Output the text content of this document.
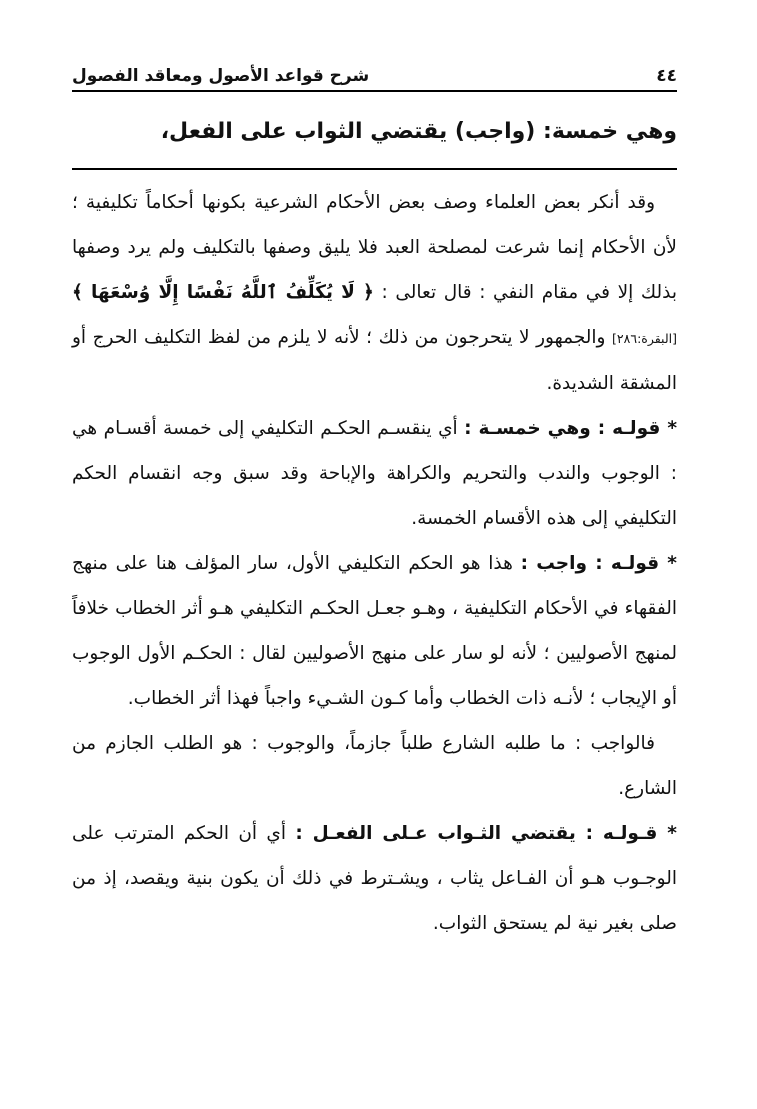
٤٤
شرح قواعد الأصول ومعاقد الفصول
وهي خمسة: (واجب) يقتضي الثواب على الفعل،

وقد أنكر بعض العلماء وصف بعض الأحكام الشرعية بكونها أحكاماً تكليفية ؛ لأن الأحكام إنما شرعت لمصلحة العبد فلا يليق وصفها بالتكليف ولم يرد وصفها بذلك إلا في مقام النفي : قال تعالى : ﴿ لَا يُكَلِّفُ ٱللَّهُ نَفْسًا إِلَّا وُسْعَهَا ﴾ [البقرة:٢٨٦] والجمهور لا يتحرجون من ذلك ؛ لأنه لا يلزم من لفظ التكليف الحرج أو المشقة الشديدة.

* قولـه : وهي خمسـة : أي ينقسـم الحكـم التكليفي إلى خمسة أقسـام هي : الوجوب والندب والتحريم والكراهة والإباحة وقد سبق وجه انقسام الحكم التكليفي إلى هذه الأقسام الخمسة.

* قولـه : واجب : هذا هو الحكم التكليفي الأول، سار المؤلف هنا على منهج الفقهاء في الأحكام التكليفية ، وهـو جعـل الحكـم التكليفي هـو أثر الخطاب خلافاً لمنهج الأصوليين ؛ لأنه لو سار على منهج الأصوليين لقال : الحكـم الأول الوجوب أو الإيجاب ؛ لأنـه ذات الخطاب وأما كـون الشـيء واجباً فهذا أثر الخطاب.

فالواجب : ما طلبه الشارع طلباً جازماً، والوجوب : هو الطلب الجازم من الشارع.

* قـولـه : يقتضي الثـواب عـلى الفعـل : أي أن الحكم المترتب على الوجـوب هـو أن الفـاعل يثاب ، ويشـترط في ذلك أن يكون بنية ويقصد، إذ من صلى بغير نية لم يستحق الثواب.
